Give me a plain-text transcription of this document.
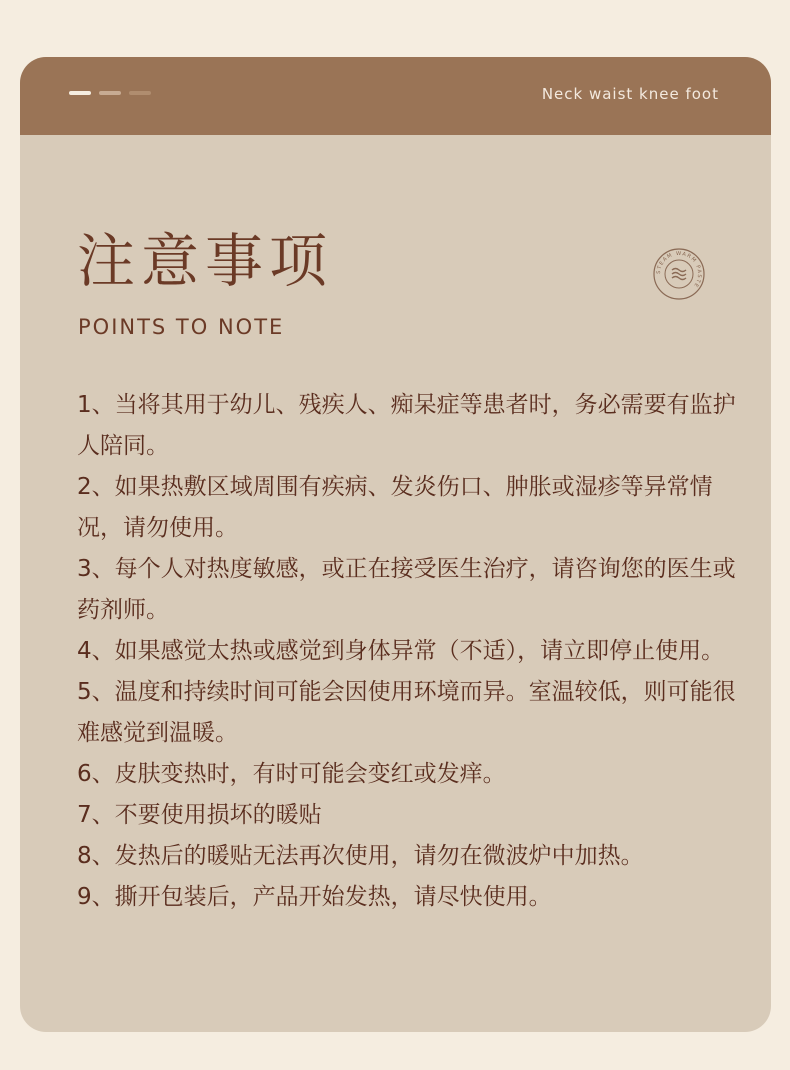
Neck waist knee foot
注意事项
POINTS TO NOTE
STEAM WARM PASTE
1、当将其用于幼儿、残疾人、痴呆症等患者时，务必需要有监护人陪同。
2、如果热敷区域周围有疾病、发炎伤口、肿胀或湿疹等异常情况，请勿使用。
3、每个人对热度敏感，或正在接受医生治疗，请咨询您的医生或药剂师。
4、如果感觉太热或感觉到身体异常（不适），请立即停止使用。
5、温度和持续时间可能会因使用环境而异。室温较低，则可能很难感觉到温暖。
6、皮肤变热时，有时可能会变红或发痒。
7、不要使用损坏的暖贴
8、发热后的暖贴无法再次使用，请勿在微波炉中加热。
9、撕开包装后，产品开始发热，请尽快使用。
